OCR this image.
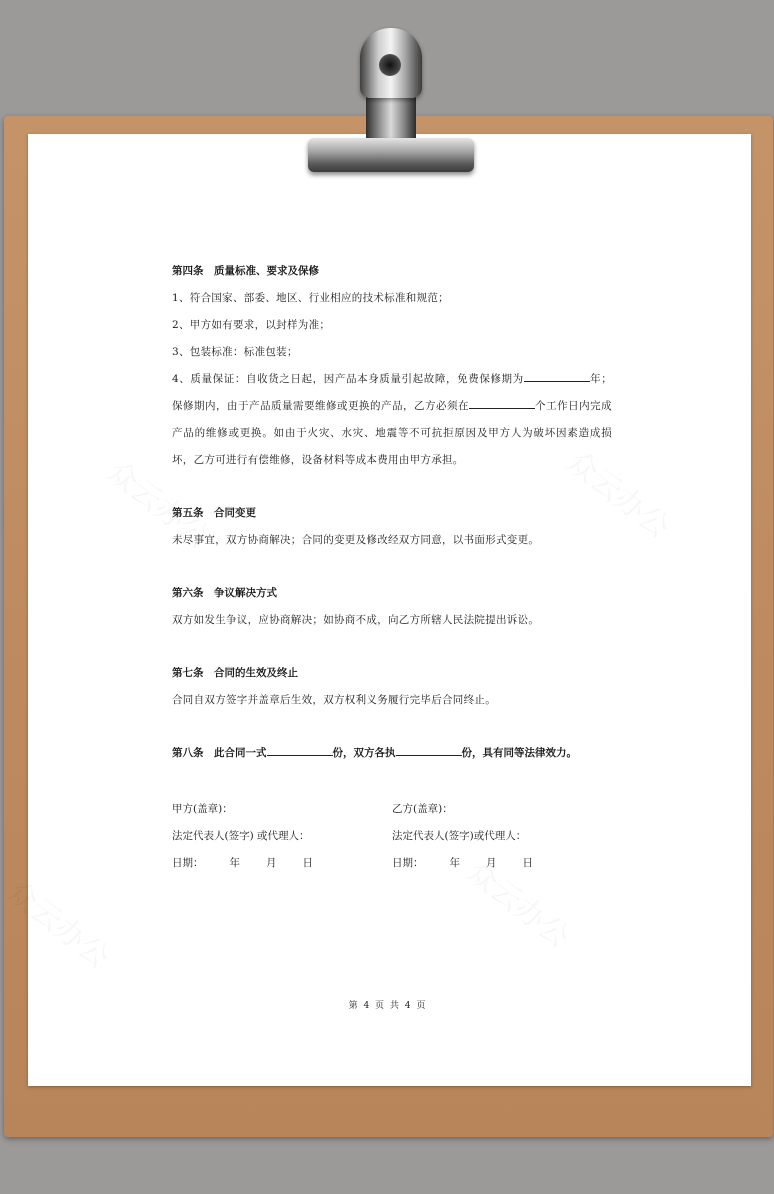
第四条　质量标准、要求及保修

1、符合国家、部委、地区、行业相应的技术标准和规范；

2、甲方如有要求，以封样为准；

3、包装标准：标准包装；

4、质量保证：自收货之日起，因产品本身质量引起故障，免费保修期为	年；保修期内，由于产品质量需要维修或更换的产品，乙方必须在	个工作日内完成产品的维修或更换。如由于火灾、水灾、地震等不可抗拒原因及甲方人为破坏因素造成损坏，乙方可进行有偿维修，设备材料等成本费用由甲方承担。

第五条　合同变更

未尽事宜，双方协商解决；合同的变更及修改经双方同意，以书面形式变更。

第六条　争议解决方式

双方如发生争议，应协商解决；如协商不成，向乙方所辖人民法院提出诉讼。

第七条　合同的生效及终止

合同自双方签字并盖章后生效，双方权利义务履行完毕后合同终止。

第八条　此合同一式	份，双方各执	份，具有同等法律效力。
甲方(盖章)：	乙方(盖章)：
法定代表人(签字) 或代理人：	法定代表人(签字)或代理人：
日期： 年 月 日	日期： 年 月 日
第 4 页 共 4 页
